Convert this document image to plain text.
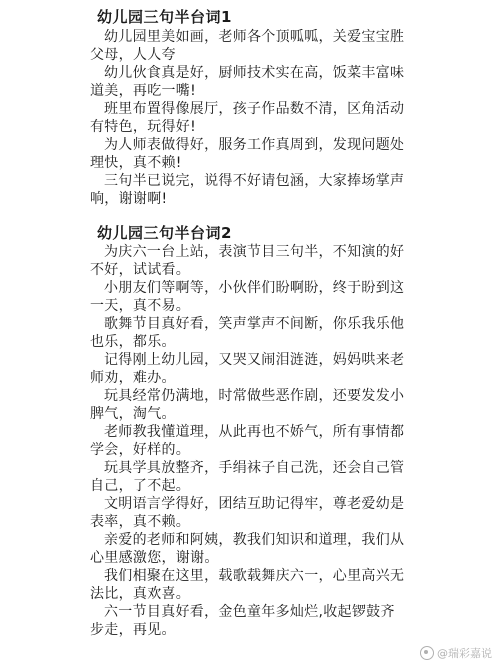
幼儿园三句半台词1

幼儿园里美如画，老师各个顶呱呱，关爱宝宝胜父母，人人夸

幼儿伙食真是好，厨师技术实在高，饭菜丰富味道美，再吃一嘴!

班里布置得像展厅，孩子作品数不清，区角活动有特色，玩得好!

为人师表做得好，服务工作真周到，发现问题处理快，真不赖!

三句半已说完，说得不好请包涵，大家捧场掌声响，谢谢啊!

幼儿园三句半台词2

为庆六一台上站，表演节目三句半，不知演的好不好，试试看。

小朋友们等啊等，小伙伴们盼啊盼，终于盼到这一天，真不易。

歌舞节目真好看，笑声掌声不间断，你乐我乐他也乐，都乐。

记得刚上幼儿园，又哭又闹泪涟涟，妈妈哄来老师劝，难办。

玩具经常仍满地，时常做些恶作剧，还要发发小脾气，淘气。

老师教我懂道理，从此再也不娇气，所有事情都学会，好样的。

玩具学具放整齐，手绢袜子自己洗，还会自己管自己，了不起。

文明语言学得好，团结互助记得牢，尊老爱幼是表率，真不赖。

亲爱的老师和阿姨，教我们知识和道理，我们从心里感激您，谢谢。

我们相聚在这里，载歌载舞庆六一，心里高兴无法比，真欢喜。

六一节目真好看，金色童年多灿烂,收起锣鼓齐步走，再见。

@瑞彩嘉说
